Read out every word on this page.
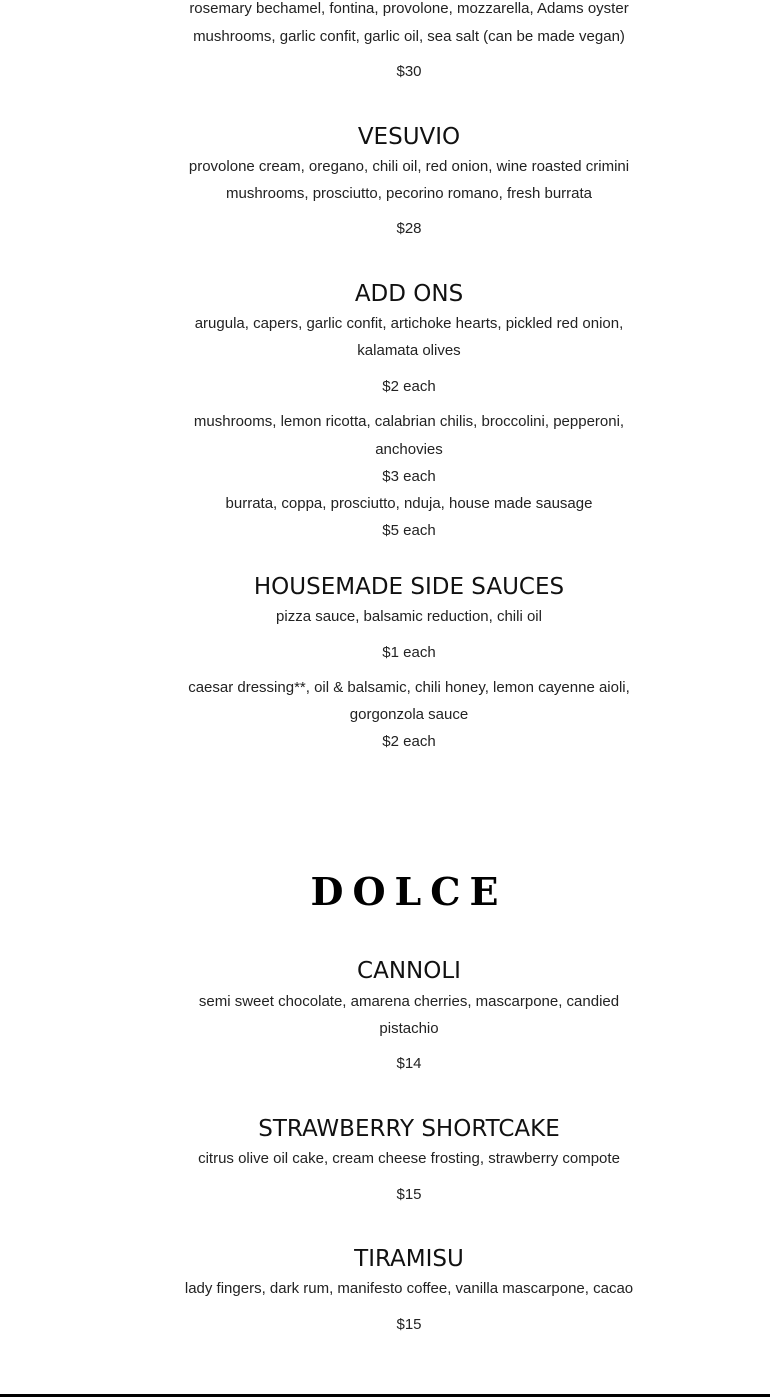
rosemary bechamel, fontina, provolone, mozzarella, Adams oyster
mushrooms, garlic confit, garlic oil, sea salt (can be made vegan)
$30
VESUVIO
provolone cream, oregano, chili oil, red onion, wine roasted crimini
mushrooms, prosciutto, pecorino romano, fresh burrata
$28
ADD ONS
arugula, capers, garlic confit, artichoke hearts, pickled red onion,
kalamata olives
$2 each
mushrooms, lemon ricotta, calabrian chilis, broccolini, pepperoni,
anchovies
$3 each
burrata, coppa, prosciutto, nduja, house made sausage
$5 each
HOUSEMADE SIDE SAUCES
pizza sauce, balsamic reduction, chili oil
$1 each
caesar dressing**, oil & balsamic, chili honey, lemon cayenne aioli,
gorgonzola sauce
$2 each
DOLCE
CANNOLI
semi sweet chocolate, amarena cherries, mascarpone, candied
pistachio
$14
STRAWBERRY SHORTCAKE
citrus olive oil cake, cream cheese frosting, strawberry compote
$15
TIRAMISU
lady fingers, dark rum, manifesto coffee, vanilla mascarpone, cacao
$15
